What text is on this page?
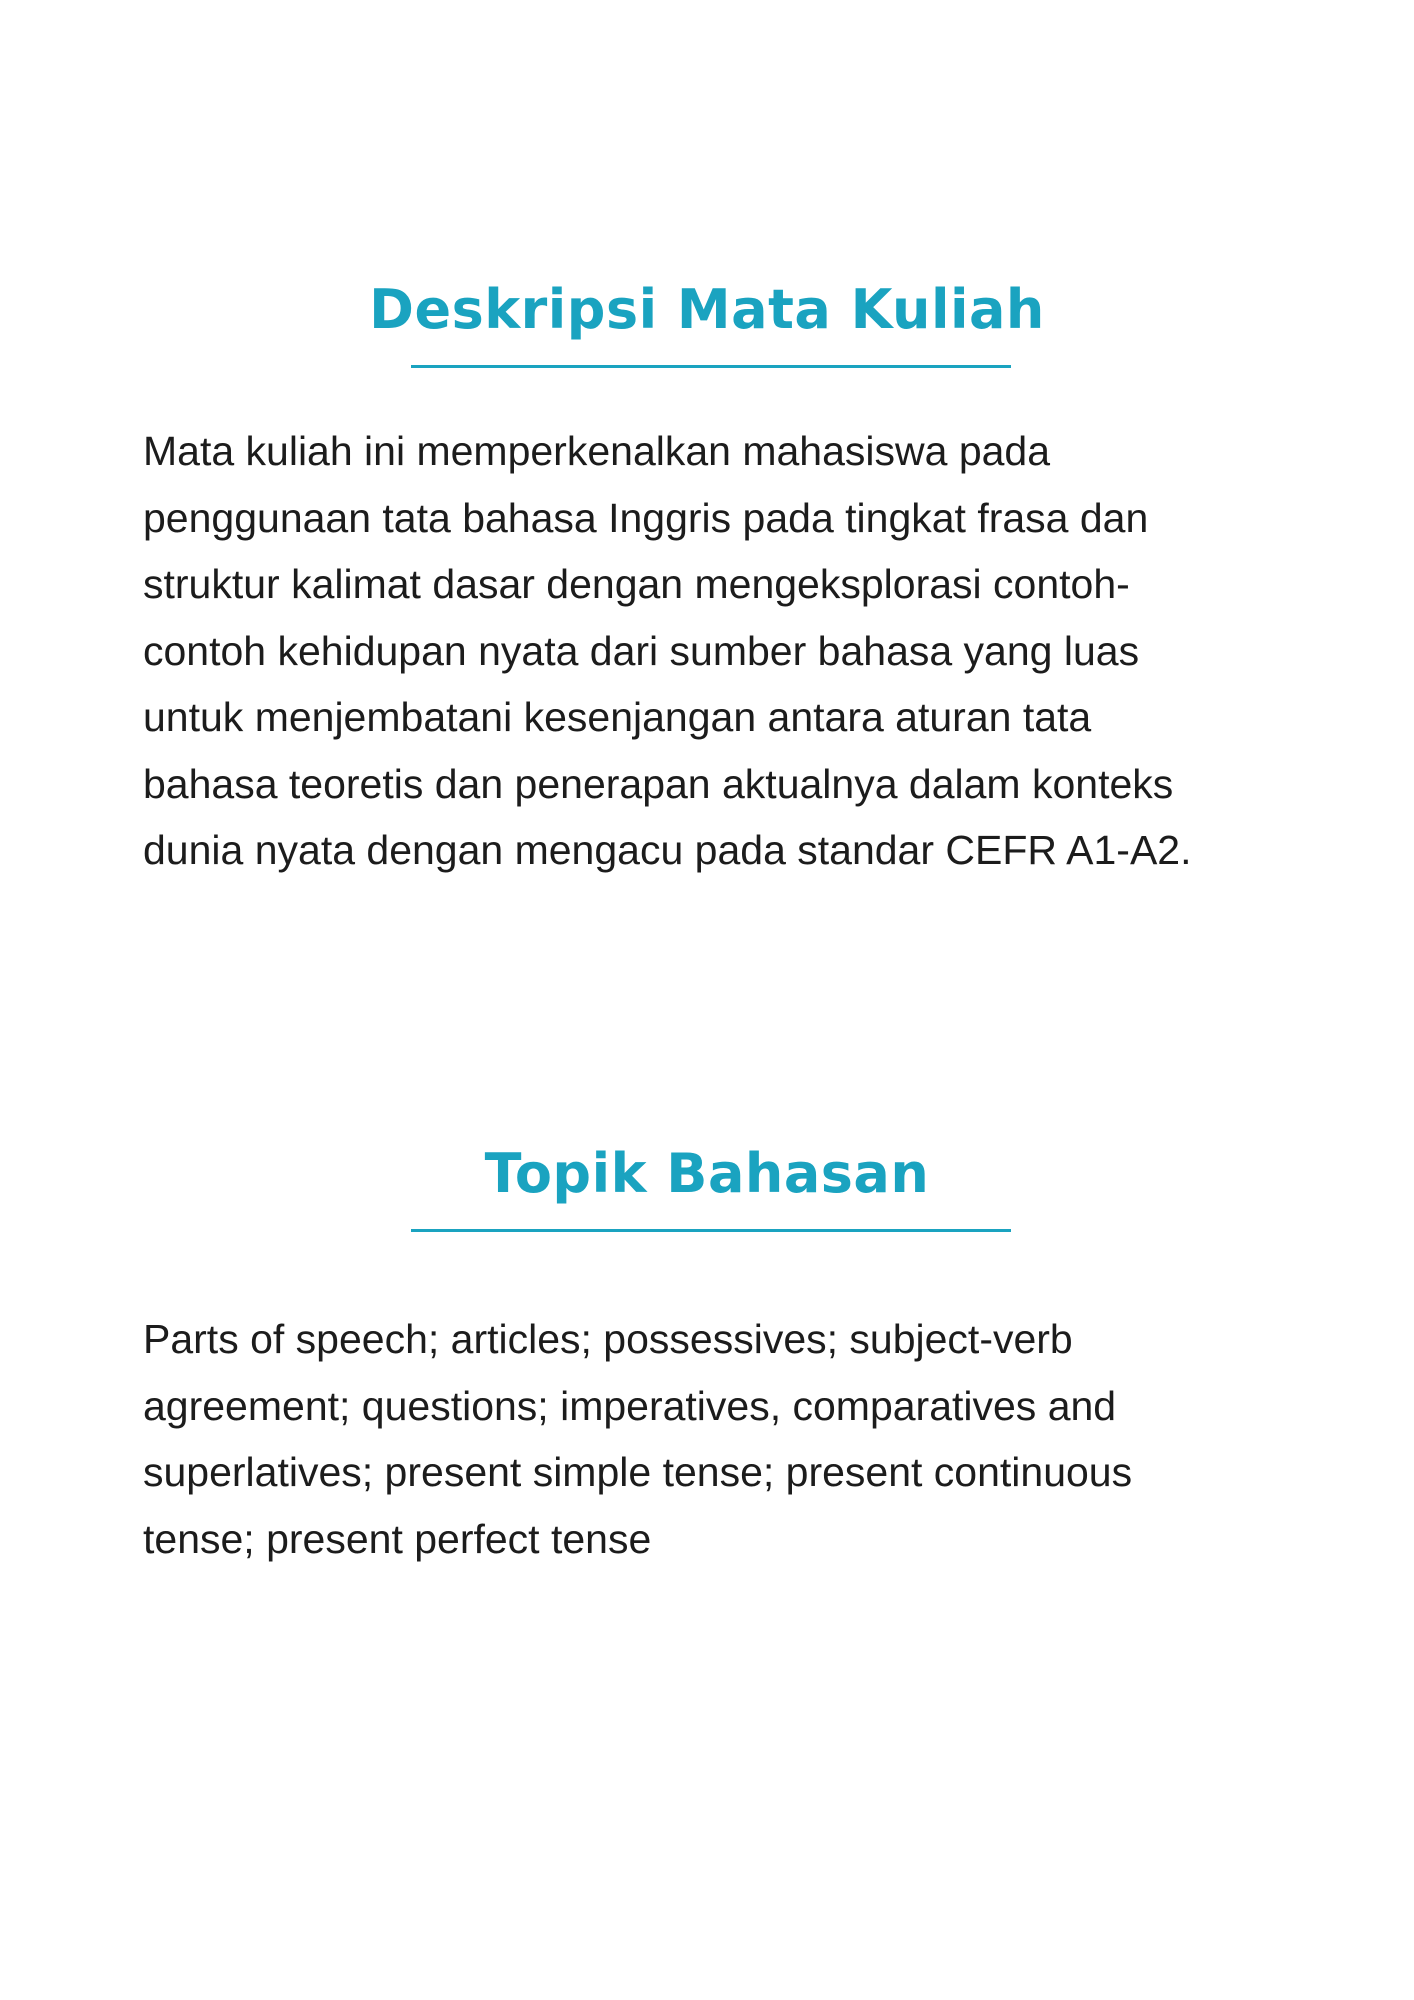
Deskripsi Mata Kuliah

Mata kuliah ini memperkenalkan mahasiswa pada
penggunaan tata bahasa Inggris pada tingkat frasa dan
struktur kalimat dasar dengan mengeksplorasi contoh-
contoh kehidupan nyata dari sumber bahasa yang luas
untuk menjembatani kesenjangan antara aturan tata
bahasa teoretis dan penerapan aktualnya dalam konteks
dunia nyata dengan mengacu pada standar CEFR A1-A2.

Topik Bahasan

Parts of speech; articles; possessives; subject-verb
agreement; questions; imperatives, comparatives and
superlatives; present simple tense; present continuous
tense; present perfect tense
